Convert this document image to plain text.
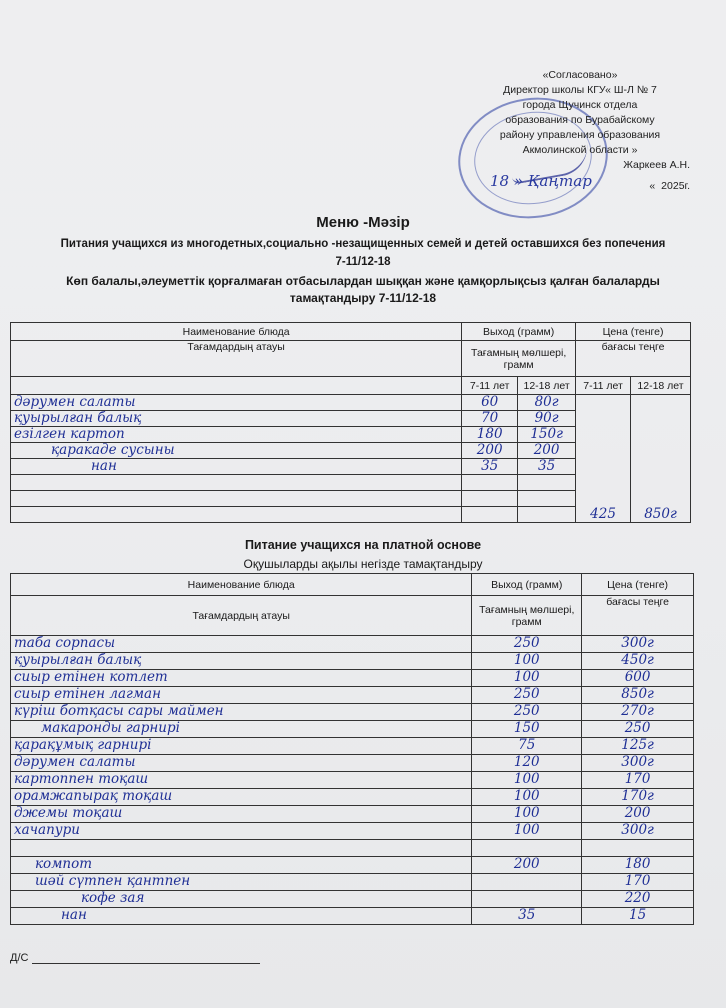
«Согласовано»
Директор школы КГУ« Ш-Л № 7
города Щучинск отдела
образования по Бурабайскому
району управления образования
Акмолинской области »
Жаркеев А.Н.
« 2025г.
18 » Қаңтар
Меню -Мәзір
Питания учащихся из многодетных,социально -незащищенных семей и детей оставшихся без попечения
7-11/12-18
Көп балалы,әлеуметтік қорғалмаған отбасылардан шыққан және қамқорлықсыз қалған балаларды
тамақтандыру 7-11/12-18
Наименование блюда	Выход (грамм)		Цена (тенге)	
Тағамдардың атауы	Тағамның мөлшері, грамм		бағасы теңге	
	7-11 лет	12-18 лет	7-11 лет	12-18 лет
дәрумен салаты	60	80г	425	850г
қуырылған балық	70	90г		
езілген картоп	180	150г		
қаракаде сусыны	200	200		
нан	35	35		

Питание учащихся на платной основе
Оқушыларды ақылы негізде тамақтандыру
Наименование блюда	Выход (грамм)	Цена (тенге)
Тағамдардың атауы	Тағамның мөлшері, грамм	бағасы теңге
таба сорпасы	250	300г
қуырылған балық	100	450г
сиыр етінен котлет	100	600
сиыр етінен лагман	250	850г
күріш ботқасы сары маймен	250	270г
макаронды гарнирі	150	250
қарақұмық гарнирі	75	125г
дәрумен салаты	120	300г
картоппен тоқаш	100	170
орамжапырақ тоқаш	100	170г
джемы тоқаш	100	200
хачапури	100	300г

компот	200	180
шәй сүтпен қантпен		170
кофе зая		220
нан	35	15
Д/С
